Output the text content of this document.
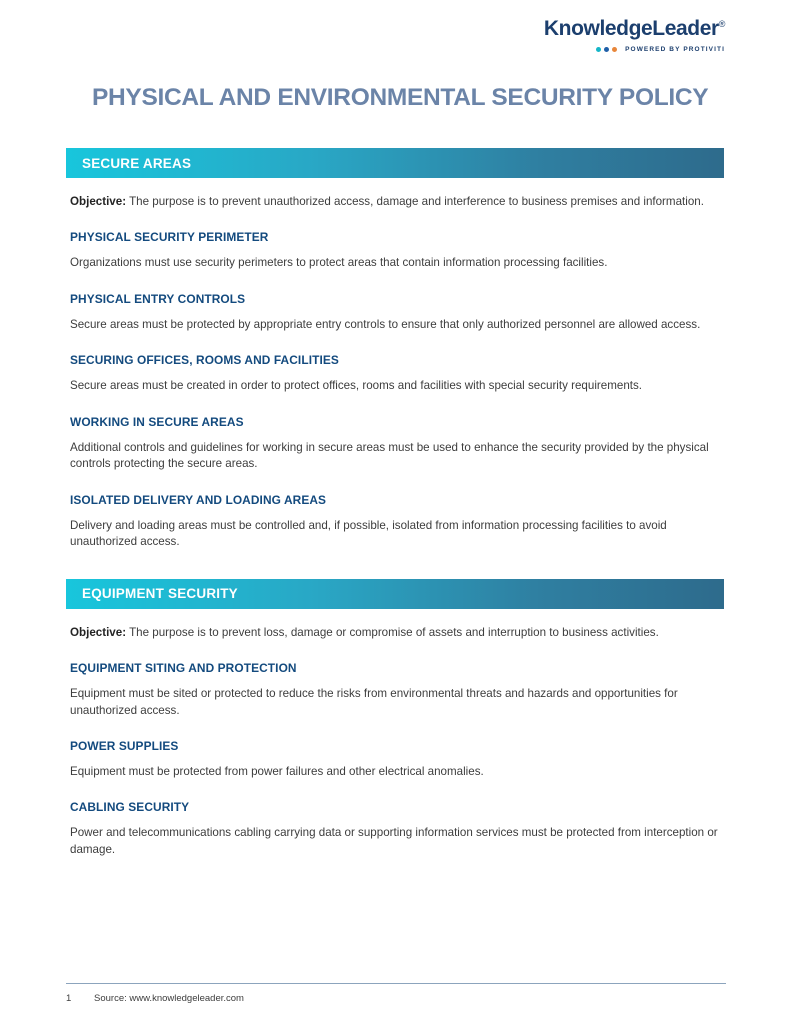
KnowledgeLeader®
POWERED BY PROTIVITI
PHYSICAL AND ENVIRONMENTAL SECURITY POLICY
SECURE AREAS

Objective: The purpose is to prevent unauthorized access, damage and interference to business premises and information.

PHYSICAL SECURITY PERIMETER

Organizations must use security perimeters to protect areas that contain information processing facilities.

PHYSICAL ENTRY CONTROLS

Secure areas must be protected by appropriate entry controls to ensure that only authorized personnel are allowed access.

SECURING OFFICES, ROOMS AND FACILITIES

Secure areas must be created in order to protect offices, rooms and facilities with special security requirements.

WORKING IN SECURE AREAS

Additional controls and guidelines for working in secure areas must be used to enhance the security provided by the physical controls protecting the secure areas.

ISOLATED DELIVERY AND LOADING AREAS

Delivery and loading areas must be controlled and, if possible, isolated from information processing facilities to avoid unauthorized access.

EQUIPMENT SECURITY

Objective: The purpose is to prevent loss, damage or compromise of assets and interruption to business activities.

EQUIPMENT SITING AND PROTECTION

Equipment must be sited or protected to reduce the risks from environmental threats and hazards and opportunities for unauthorized access.

POWER SUPPLIES

Equipment must be protected from power failures and other electrical anomalies.

CABLING SECURITY

Power and telecommunications cabling carrying data or supporting information services must be protected from interception or damage.

1 Source: www.knowledgeleader.com
